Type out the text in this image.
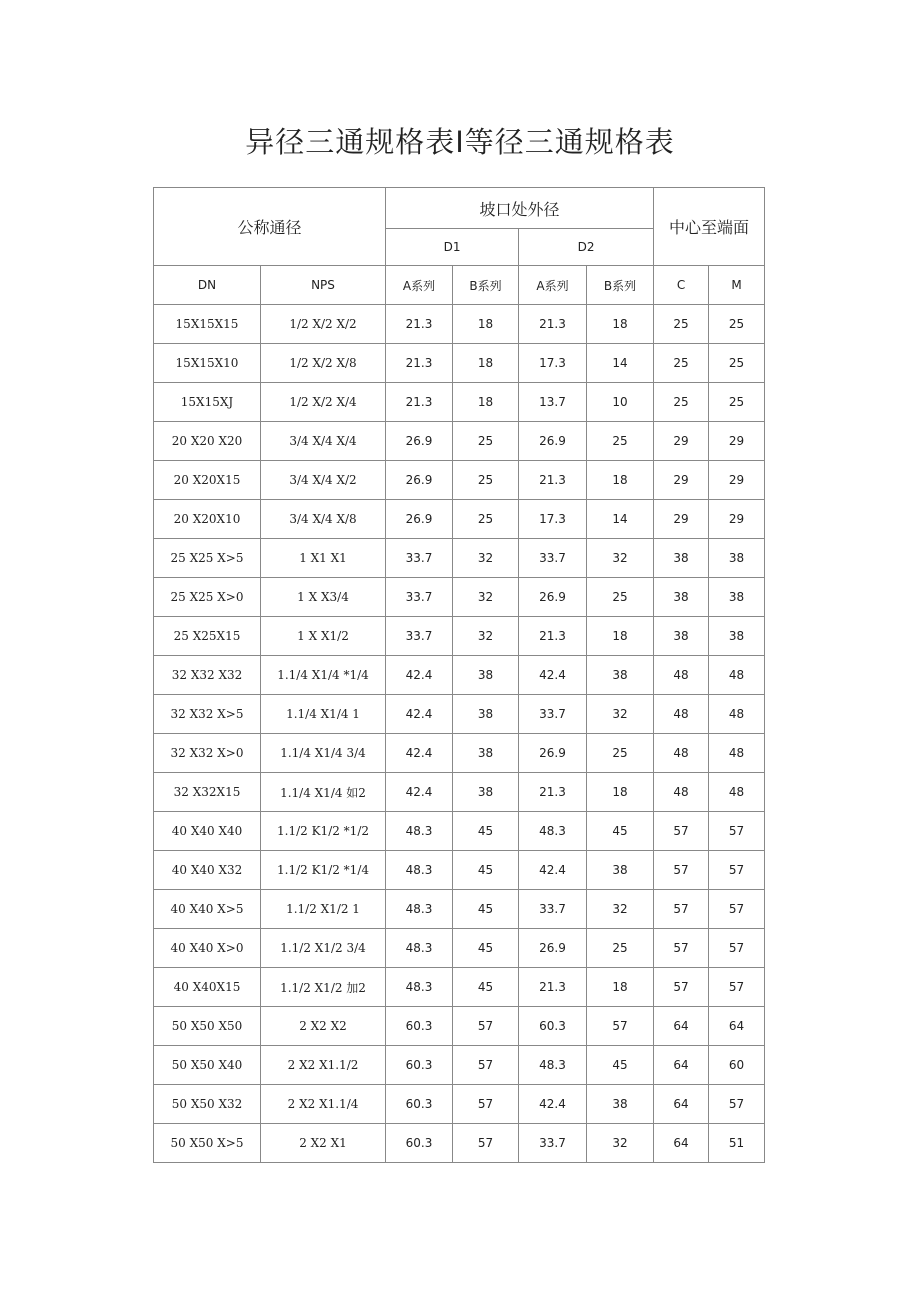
异径三通规格表I等径三通规格表
公称通径		坡口处外径				中心至端面	
		D1		D2			
DN	NPS	A系列	B系列	A系列	B系列	C	M
15X15X15	1/2 X/2 X/2	21.3	18	21.3	18	25	25
15X15X10	1/2 X/2 X/8	21.3	18	17.3	14	25	25
15X15XJ	1/2 X/2 X/4	21.3	18	13.7	10	25	25
20 X20 X20	3/4 X/4 X/4	26.9	25	26.9	25	29	29
20 X20X15	3/4 X/4 X/2	26.9	25	21.3	18	29	29
20 X20X10	3/4 X/4 X/8	26.9	25	17.3	14	29	29
25 X25 X>5	1 X1 X1	33.7	32	33.7	32	38	38
25 X25 X>0	1 X X3/4	33.7	32	26.9	25	38	38
25 X25X15	1 X X1/2	33.7	32	21.3	18	38	38
32 X32 X32	1.1/4 X1/4 *1/4	42.4	38	42.4	38	48	48
32 X32 X>5	1.1/4 X1/4 1	42.4	38	33.7	32	48	48
32 X32 X>0	1.1/4 X1/4 3/4	42.4	38	26.9	25	48	48
32 X32X15	1.1/4 X1/4 如2	42.4	38	21.3	18	48	48
40 X40 X40	1.1/2 K1/2 *1/2	48.3	45	48.3	45	57	57
40 X40 X32	1.1/2 K1/2 *1/4	48.3	45	42.4	38	57	57
40 X40 X>5	1.1/2 X1/2 1	48.3	45	33.7	32	57	57
40 X40 X>0	1.1/2 X1/2 3/4	48.3	45	26.9	25	57	57
40 X40X15	1.1/2 X1/2 加2	48.3	45	21.3	18	57	57
50 X50 X50	2 X2 X2	60.3	57	60.3	57	64	64
50 X50 X40	2 X2 X1.1/2	60.3	57	48.3	45	64	60
50 X50 X32	2 X2 X1.1/4	60.3	57	42.4	38	64	57
50 X50 X>5	2 X2 X1	60.3	57	33.7	32	64	51
